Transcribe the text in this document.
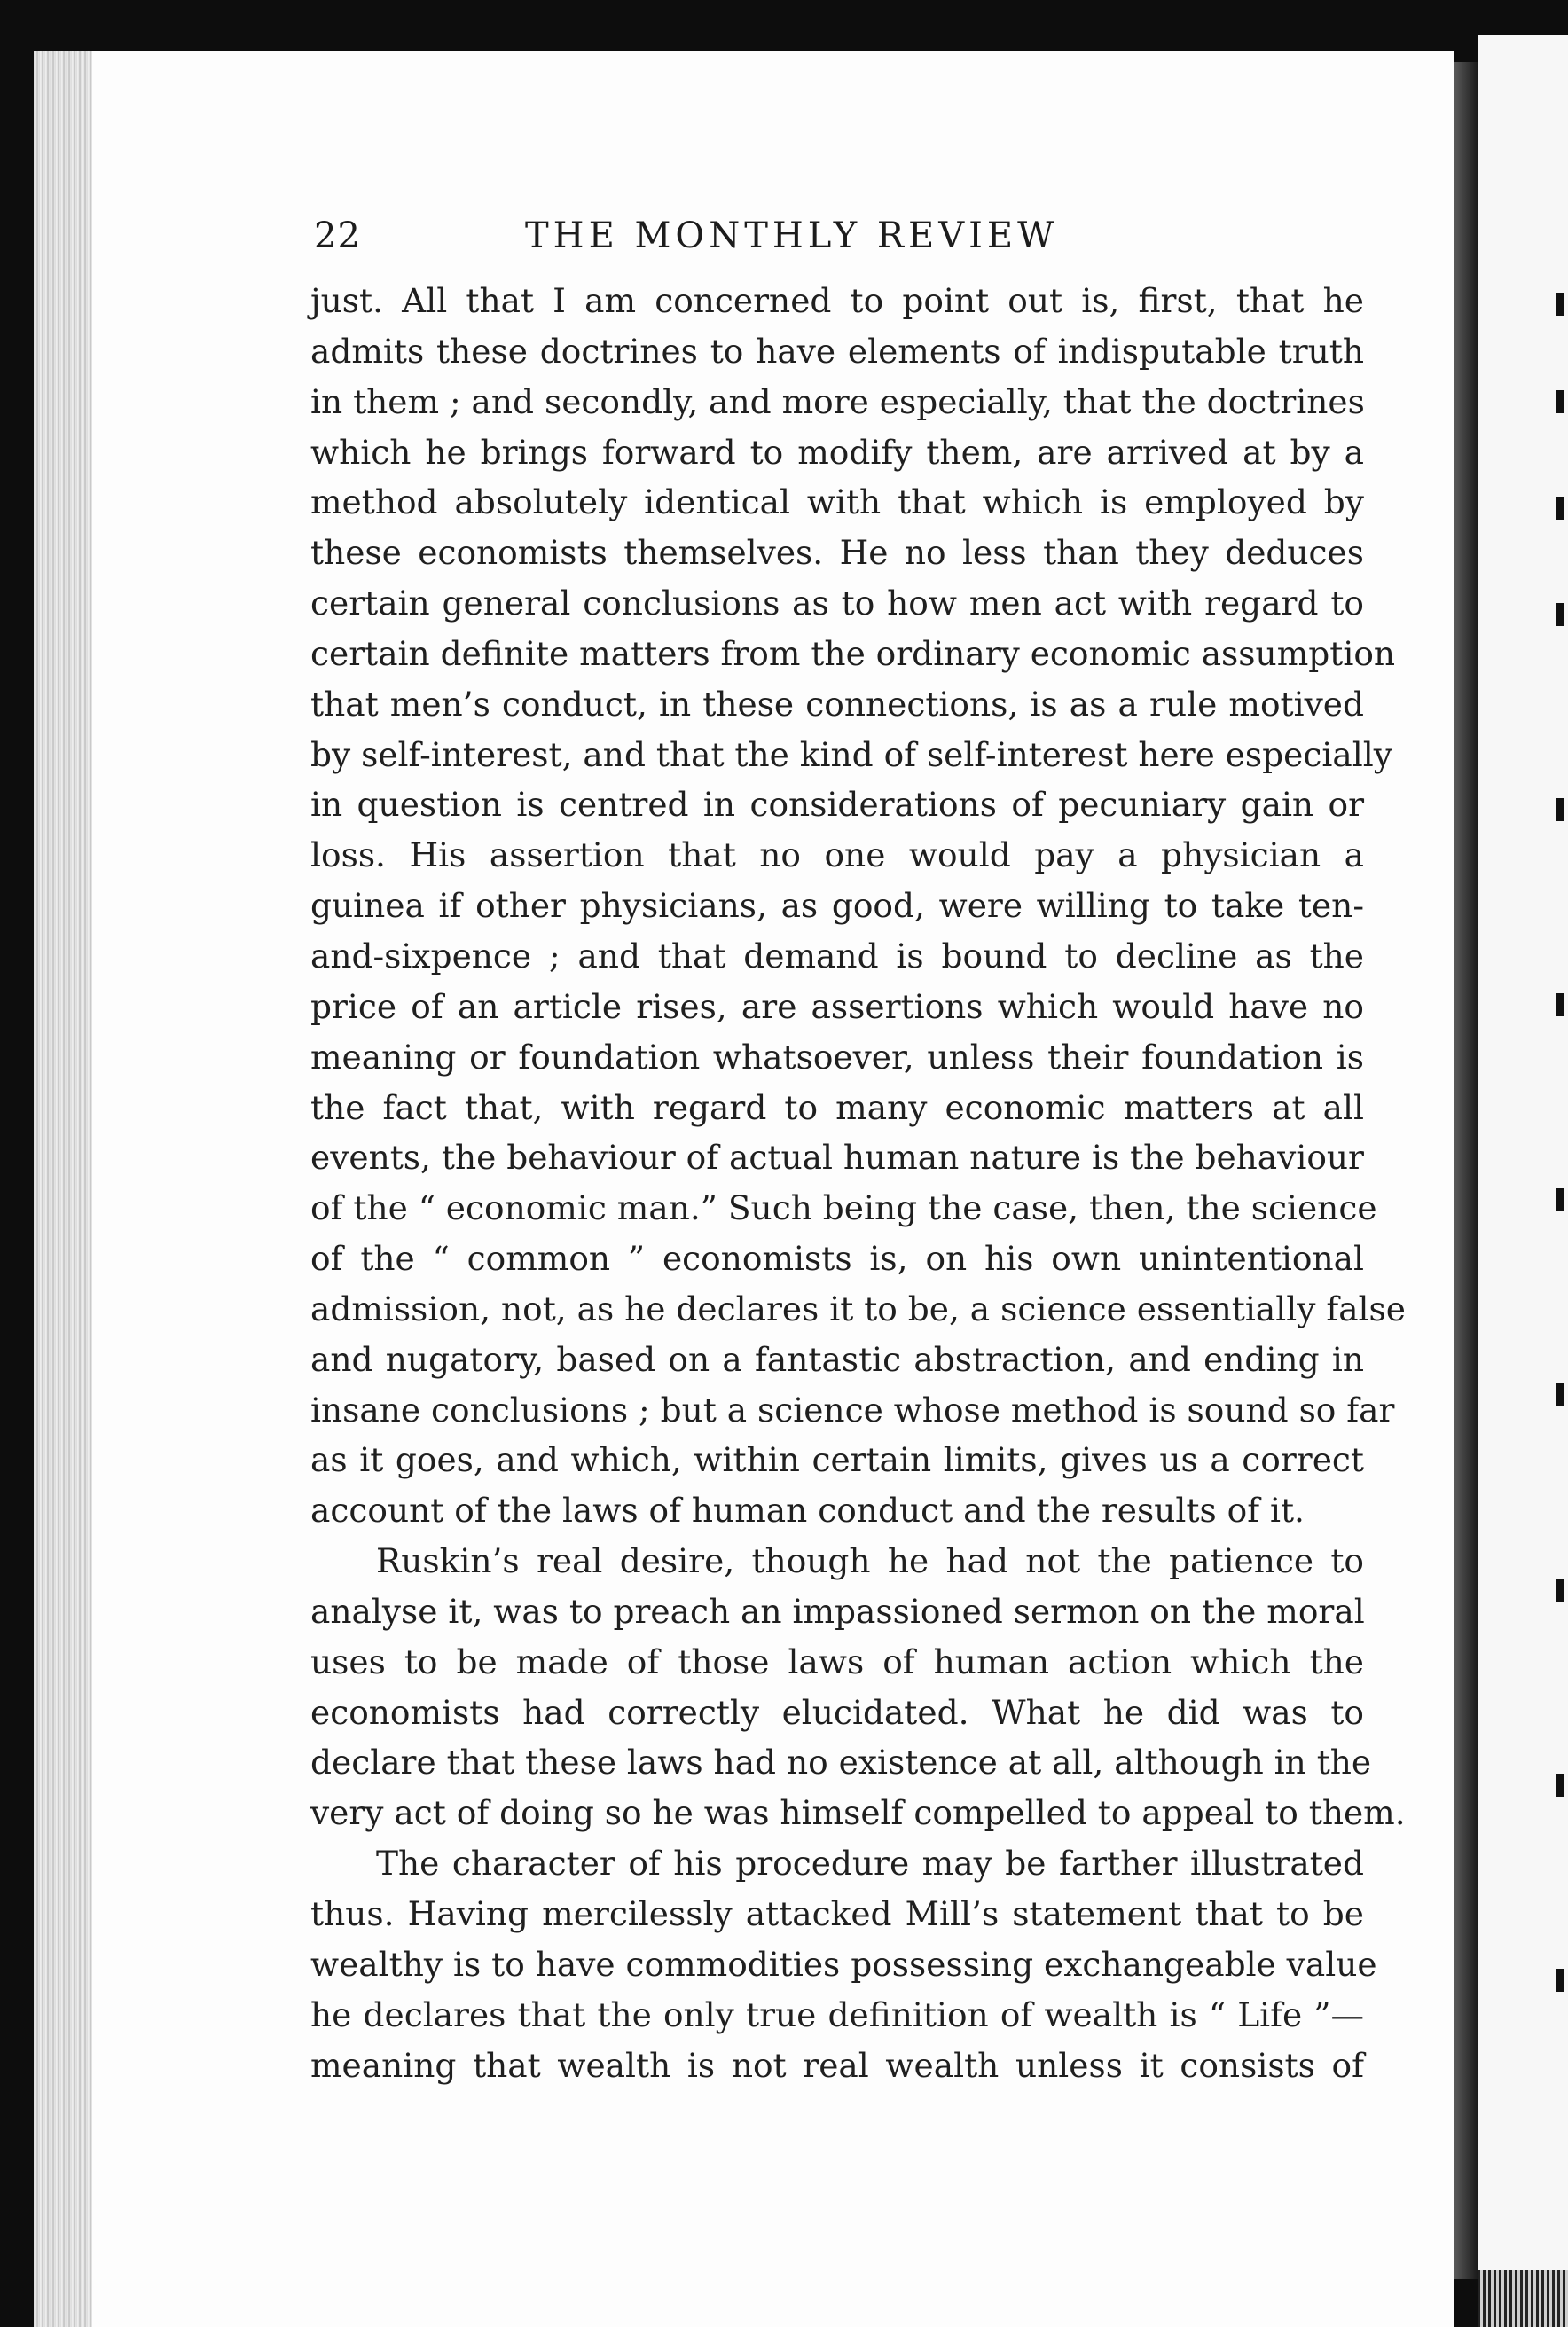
22	THE MONTHLY REVIEW
just. All that I am concerned to point out is, first, that he
admits these doctrines to have elements of indisputable truth
in them ; and secondly, and more especially, that the doctrines
which he brings forward to modify them, are arrived at by a
method absolutely identical with that which is employed by
these economists themselves. He no less than they deduces
certain general conclusions as to how men act with regard to
certain definite matters from the ordinary economic assumption
that men’s conduct, in these connections, is as a rule motived
by self-interest, and that the kind of self-interest here especially
in question is centred in considerations of pecuniary gain or
loss. His assertion that no one would pay a physician a
guinea if other physicians, as good, were willing to take ten-
and-sixpence ; and that demand is bound to decline as the
price of an article rises, are assertions which would have no
meaning or foundation whatsoever, unless their foundation is
the fact that, with regard to many economic matters at all
events, the behaviour of actual human nature is the behaviour
of the “ economic man.” Such being the case, then, the science
of the “ common ” economists is, on his own unintentional
admission, not, as he declares it to be, a science essentially false
and nugatory, based on a fantastic abstraction, and ending in
insane conclusions ; but a science whose method is sound so far
as it goes, and which, within certain limits, gives us a correct
account of the laws of human conduct and the results of it.
Ruskin’s real desire, though he had not the patience to
analyse it, was to preach an impassioned sermon on the moral
uses to be made of those laws of human action which the
economists had correctly elucidated. What he did was to
declare that these laws had no existence at all, although in the
very act of doing so he was himself compelled to appeal to them.
The character of his procedure may be farther illustrated
thus. Having mercilessly attacked Mill’s statement that to be
wealthy is to have commodities possessing exchangeable value
he declares that the only true definition of wealth is “ Life ”—
meaning that wealth is not real wealth unless it consists of
